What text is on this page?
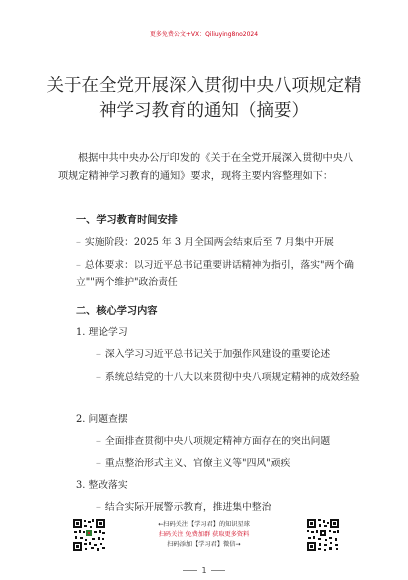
更多免费公文+VX：Qiliuying8no2024
关于在全党开展深入贯彻中央八项规定精神学习教育的通知（摘要）
根据中共中央办公厅印发的《关于在全党开展深入贯彻中央八项规定精神学习教育的通知》要求，现将主要内容整理如下：
一、学习教育时间安排
– 实施阶段：2025 年 3 月全国两会结束后至 7 月集中开展
– 总体要求：以习近平总书记重要讲话精神为指引，落实"两个确立""两个维护"政治责任
二、核心学习内容
1. 理论学习
– 深入学习习近平总书记关于加强作风建设的重要论述
– 系统总结党的十八大以来贯彻中央八项规定精神的成效经验
2. 问题查摆
– 全面排查贯彻中央八项规定精神方面存在的突出问题
– 重点整治形式主义、官僚主义等"四风"顽疾
3. 整改落实
– 结合实际开展警示教育，推进集中整治
←扫码关注【学习君】的知识星球
扫码关注 免费加群 获取更多资料
扫码添加【学习君】微信→
1
